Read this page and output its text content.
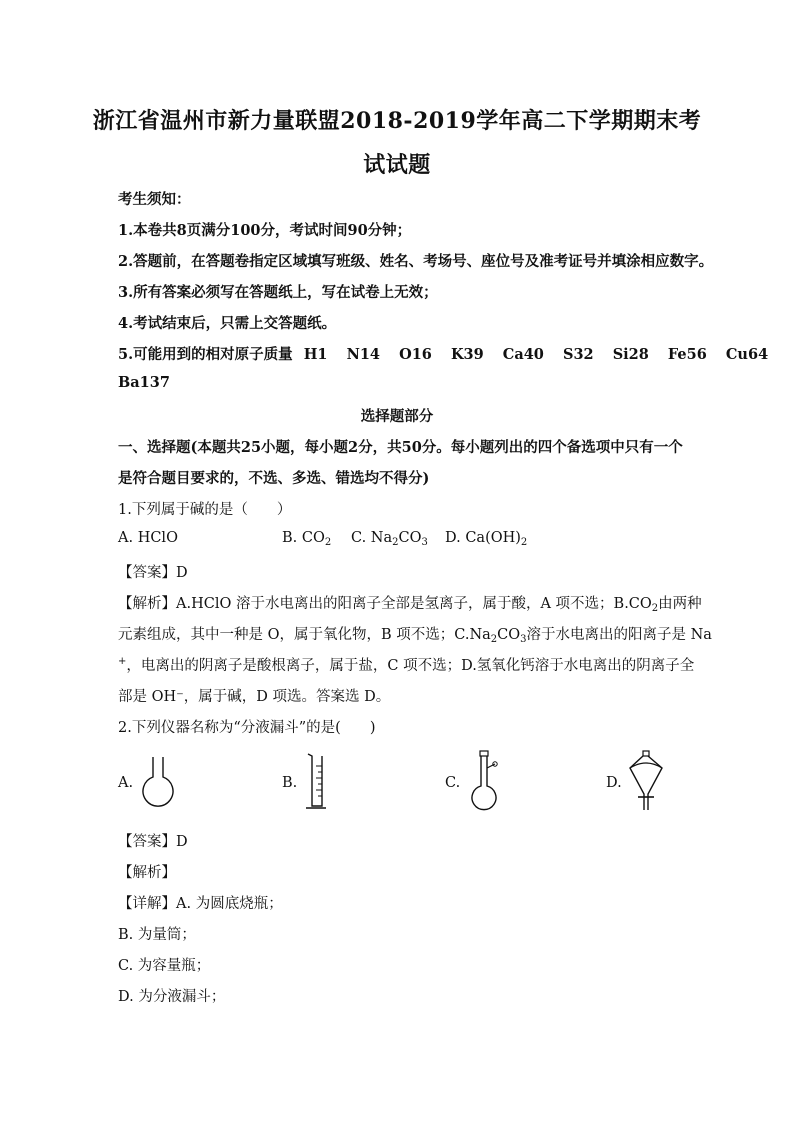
浙江省温州市新力量联盟2018-2019学年高二下学期期末考
试试题
考生须知：
1.本卷共8页满分100分，考试时间90分钟；
2.答题前，在答题卷指定区域填写班级、姓名、考场号、座位号及准考证号并填涂相应数字。
3.所有答案必须写在答题纸上，写在试卷上无效；
4.考试结束后，只需上交答题纸。
5.可能用到的相对原子质量 H1 N14 O16 K39 Ca40 S32 Si28 Fe56 Cu64
Ba137
选择题部分
一、选择题(本题共25小题，每小题2分，共50分。每小题列出的四个备选项中只有一个
是符合题目要求的，不选、多选、错选均不得分)
1.下列属于碱的是（　　）
A. HClO	B. $CO_2$ C. $Na_2CO_3$ D. $Ca(OH)_2$
【答案】D
【解析】A.HClO 溶于水电离出的阳离子全部是氢离子，属于酸，A 项不选；$B.CO_2$由两种
元素组成，其中一种是 O，属于氧化物，B 项不选；$C.Na_2CO_3$溶于水电离出的阳离子是 Na
+，电离出的阴离子是酸根离子，属于盐，C 项不选；D.氢氧化钙溶于水电离出的阴离子全
部是 OH⁻，属于碱，D 项选。答案选 D。
2.下列仪器名称为“分液漏斗”的是(　　)
A.	B.	C.	D.
【答案】D
【解析】
【详解】A. 为圆底烧瓶；
B. 为量筒；
C. 为容量瓶；
D. 为分液漏斗；
